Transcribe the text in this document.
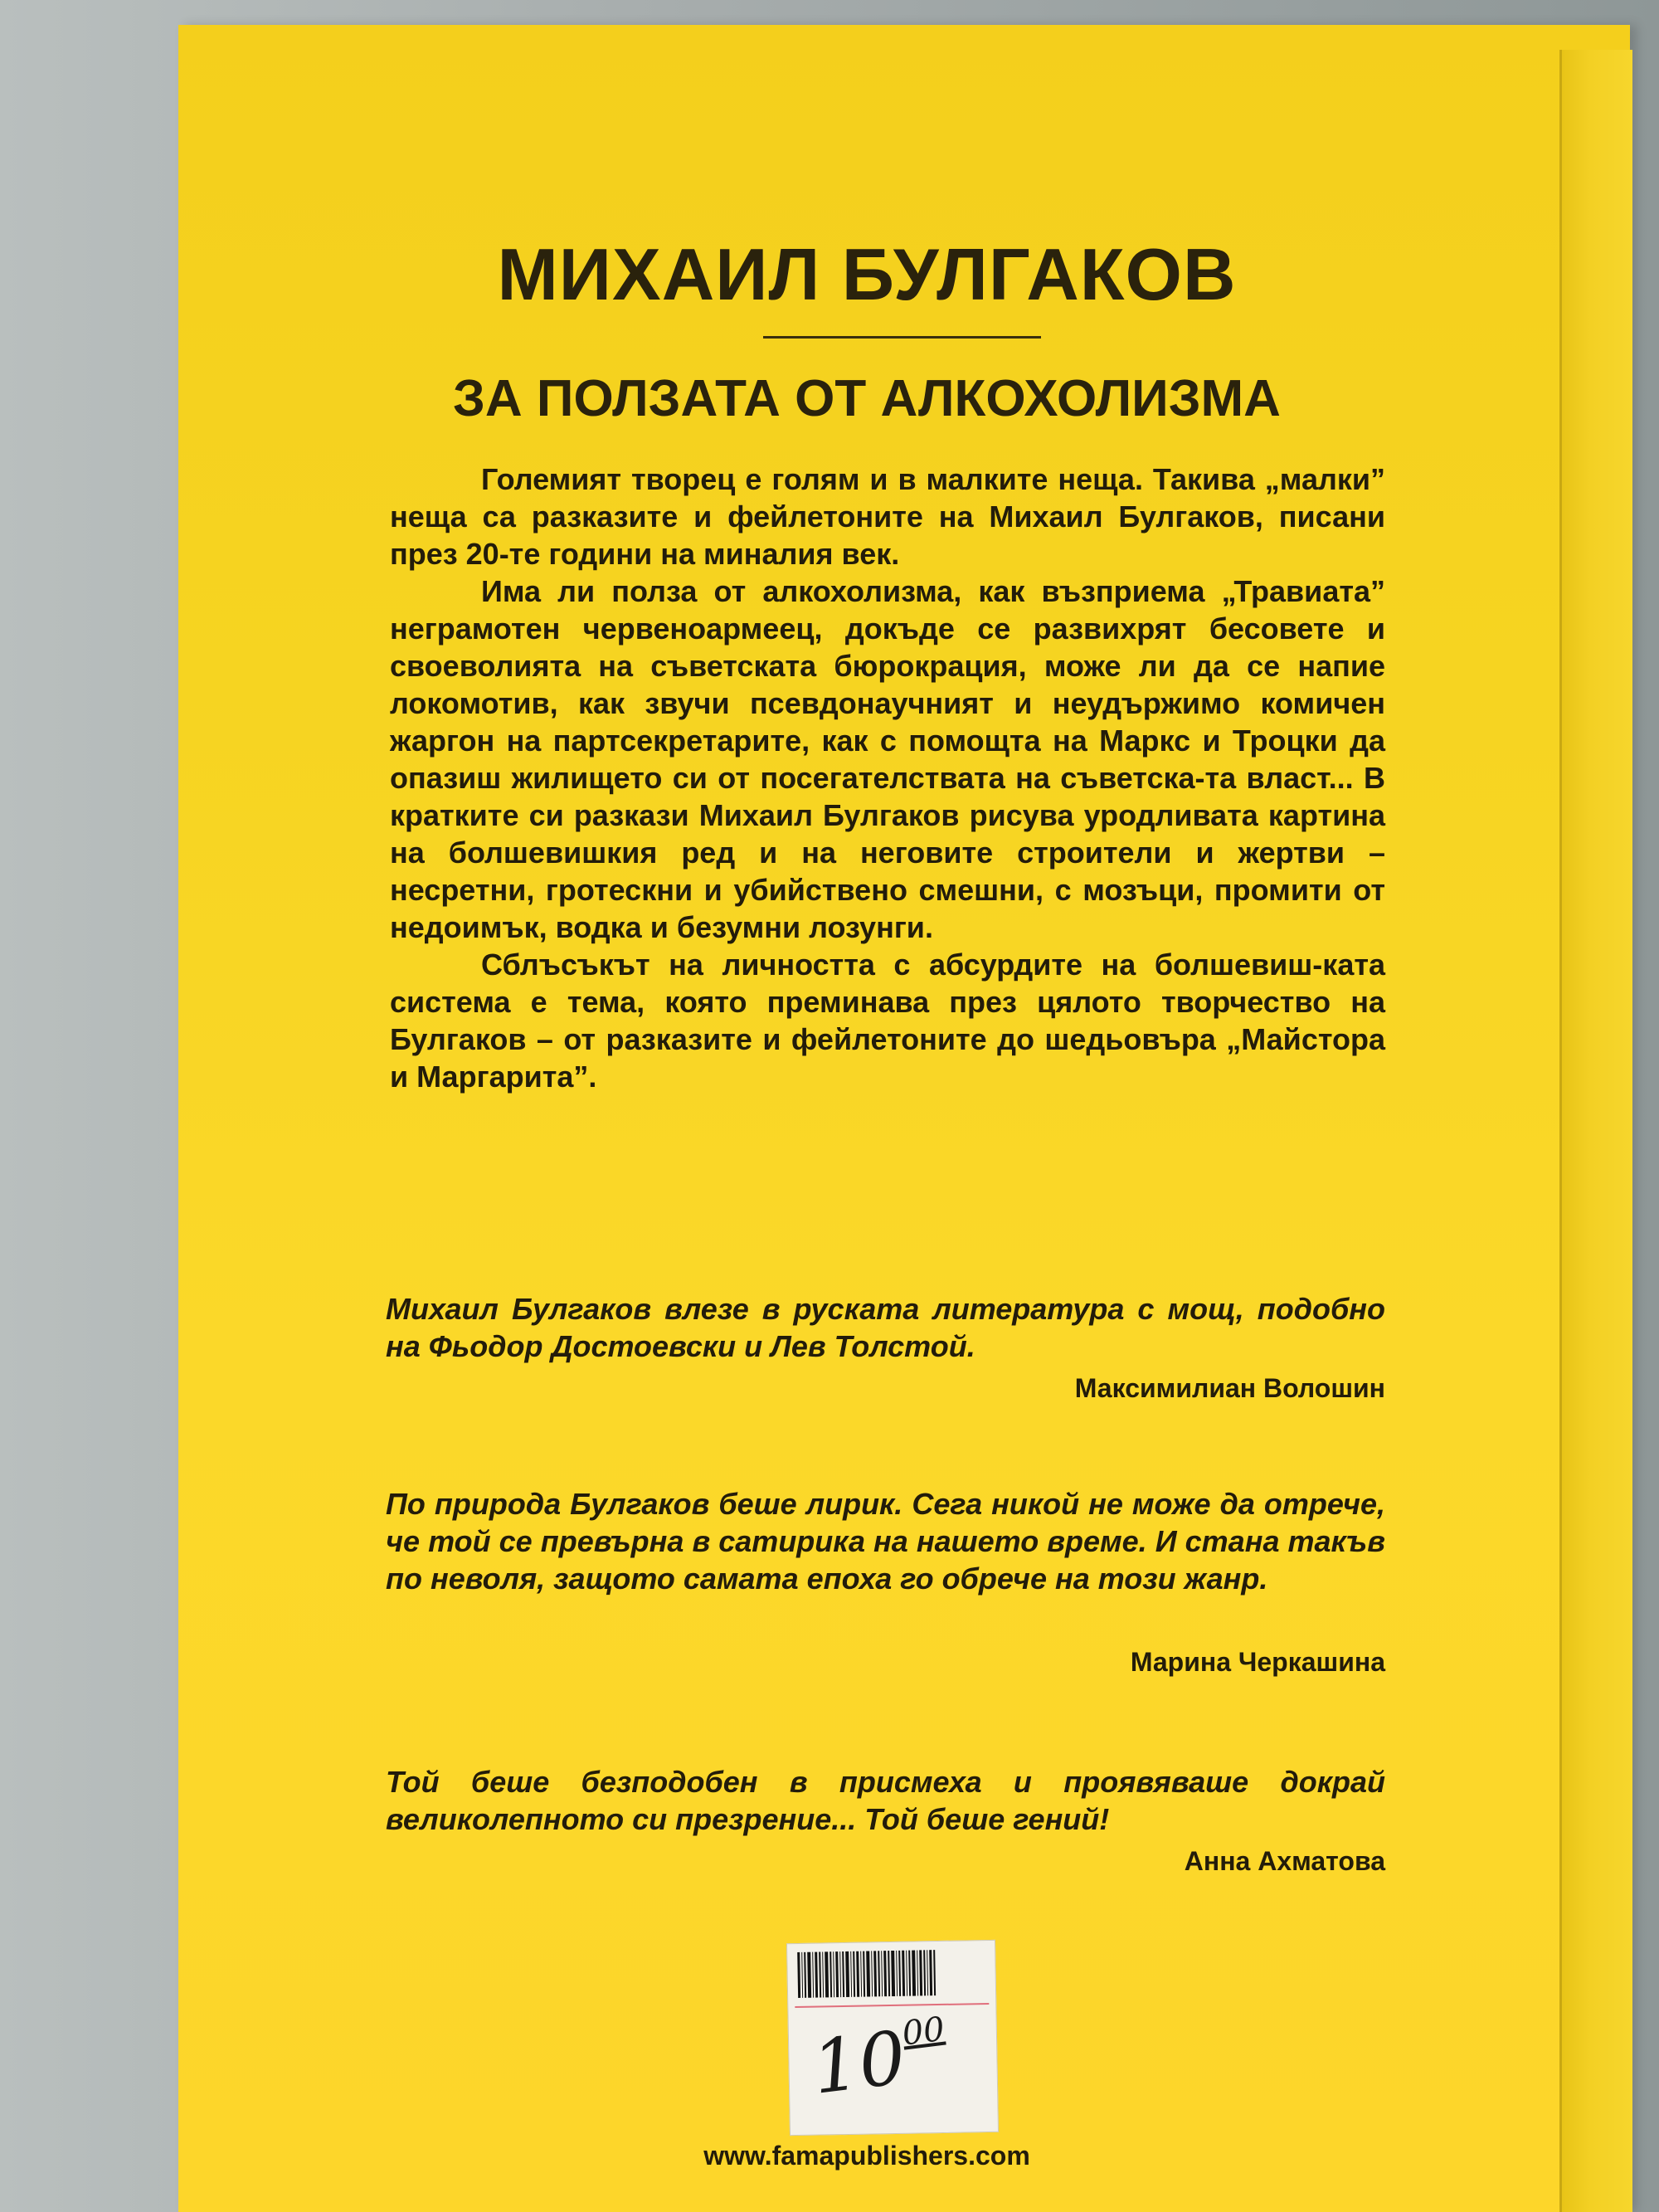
МИХАИЛ БУЛГАКОВ
ЗА ПОЛЗАТА ОТ АЛКОХОЛИЗМА

Големият творец е голям и в малките неща. Такива „малки” неща са разказите и фейлетоните на Михаил Булгаков, писани през 20-те години на миналия век.

Има ли полза от алкохолизма, как възприема „Травиата” неграмотен червеноармеец, докъде се развихрят бесовете и своеволията на съветската бюрокрация, може ли да се напие локомотив, как звучи псевдонаучният и неудържимо комичен жаргон на партсекретарите, как с помощта на Маркс и Троцки да опазиш жилището си от посегателствата на съветска-та власт... В кратките си разкази Михаил Булгаков рисува уродливата картина на болшевишкия ред и на неговите строители и жертви – несретни, гротескни и убийствено смешни, с мозъци, промити от недоимък, водка и безумни лозунги.

Сблъсъкът на личността с абсурдите на болшевиш-ката система е тема, която преминава през цялото творчество на Булгаков – от разказите и фейлетоните до шедьовъра „Майстора и Маргарита”.

Михаил Булгаков влезе в руската литература с мощ, подобно на Фьодор Достоевски и Лев Толстой.
Максимилиан Волошин
По природа Булгаков беше лирик. Сега никой не може да отрече, че той се превърна в сатирика на нашето време. И стана такъв по неволя, защото самата епоха го обрече на този жанр.
Марина Черкашина
Той беше безподобен в присмеха и проявяваше докрай великолепното си презрение... Той беше гений!
Анна Ахматова
$10^{00}$
www.famapublishers.com
